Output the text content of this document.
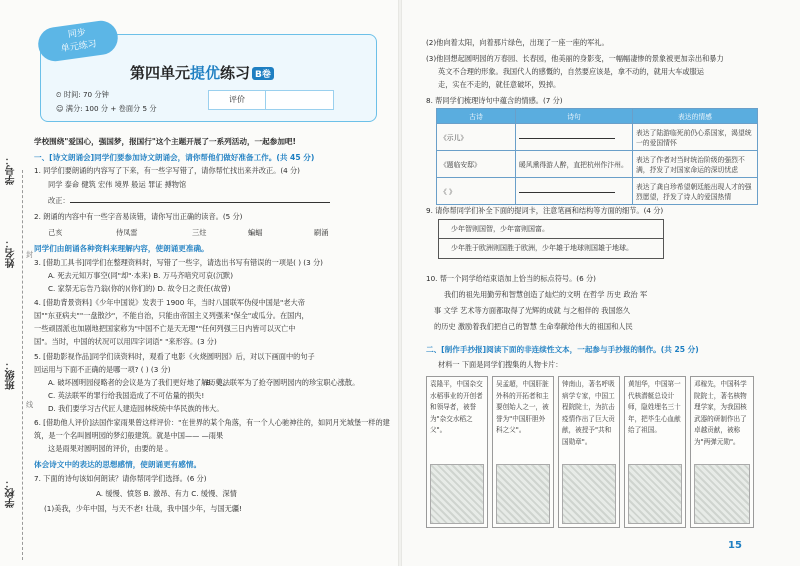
学号：
姓名：
班级：
学校：
封
线
同步
单元练习
第四单元提优练习 B卷
⏲ 时间: 70 分钟
☺ 满分: 100 分 + 卷面分 5 分
评价
学校围绕"爱国心，强国梦，报国行"这个主题开展了一系列活动，一起参加吧!
一、[诗文朗诵会]同学们要参加诗文朗诵会，请你帮他们做好准备工作。(共 45 分)
1. 同学们要朗诵的内容写了下来，有一些字写错了，请你帮忙找出来并改正。(4 分)
同学 泰命 健筑 宏伟 境界 般运 罪证 搏物馆
改正：
2. 朗诵的内容中有一些字音易读错，请你写出正确的读音。(5 分)
己亥	侍凤雷	三炷	蝙蝠	刷涌
同学们由朗诵各种资料来理解内容，使朗诵更准确。
3. [借助工具书]同学们在整理资料时，写错了一些字，请选出书写有错误的一项是( ) (3 分)
A. 死去元知万事空(同"却"·本来) B. 万马齐喑究可哀(沉默)
C. 家祭无忘告乃翁(你的)(你们的) D. 故令日之责任(故曾)
4. [借助背景资料]《少年中国说》发表于 1900 年，当时八国联军伪侵中国是"老大帝
国""东亚病夫""一盘散沙"，不能自治，只能由帝国主义列强来"保全"或瓜分。在国内，
一些顽固派也加剧地把国家称为"中国不亡是天无理""任何列强三日内皆可以灭亡中
国"。当时，中国的状况可以用四字词语" "来形容。(3 分)
5. [借助影视作品]同学们读资料时，观看了电影《火烧圆明园》后，对以下画面中的句子
回运用与下面不正确的是哪一项? ( ) (3 分)
A. 破坏圆明园侵略者的会议是为了我们更好地了解历史。
B. 英法联军为了抢夺圆明园内的珍宝职心涨散。
C. 英法联军的罪行给我国造成了不可估量的损失!
D. 我们要学习古代匠人建造园林统统中华民族的伟大。
6. [借助他人评价]法国作家雨果曾这样评价："在世界的某个角落，有一个人心驰神往的，如同月光城堡一样的建
筑，是一个名叫圆明园的梦幻般建筑。就是中国—— —雨果
这是雨果对圆明园的评价，由要的是 。
体会诗文中的表达的思想感情，使朗诵更有感情。
7. 下面的诗句该如何朗读？请你帮同学们选择。(6 分)
A. 缓慢、愤怒 B. 激昂、有力 C. 缓慢、深情
(1)美我，少年中国，与天不老! 壮哉，我中国少年，与国无疆!
(2)他向着太阳，向着那片绿色，出现了一座一座的军礼。
(3)他回想起圆明园的万春园、长春园，他美丽的身影变，一幅幅凄惨的景象被更加亲出和暴力
英文不合理的形象。我国代人的感慨的，自然要应该是，拿不动的，就用大车或服运
走，实在不走的，就任意破坏，毁掉。
8. 帮同学们梳理诗句中蕴含的情感。(7 分)
古诗	诗句	表达的情感
《示儿》		表达了陆游临死前仍心系国家，渴望统一的爱国情怀
《题临安邸》	暖风熏得游人醉，直把杭州作汴州。	表达了作者对当时统治阶级的强烈不满，抒发了对国家命运的深切忧虑
《 》		表达了龚自珍希望朝廷能出现人才的强烈愿望，抒发了诗人的爱国热情
9. 请你帮同学们补全下面的提词卡，注意笔画和结构等方面的细节。(4 分)
少年智则国智，少年富则国富。
少年胜于欧洲则国胜于欧洲，少年雄于地球则国雄于地球。
10. 帮一个同学给结束语加上恰当的标点符号。(6 分)
我们的祖先用勤劳和智慧创造了灿烂的文明 在哲学 历史 政治 军
事 文学 艺术等方面都取得了光辉的成就 与之相伴的 我国悠久
的历史 激励着我们把自己的智慧 生命奉献给伟大的祖国和人民
二、[制作手抄报]阅读下面的非连续性文本，一起参与手抄报的制作。(共 25 分)
材料一 下面是同学们搜集的人物卡片：
袁隆平，中国杂交水稻事业的开创者和领导者，被誉为"杂交水稻之父"。
吴孟超，中国肝脏外科的开拓者和主要创始人之一，被誉为"中国肝胆外科之父"。
钟南山，著名呼吸病学专家，中国工程院院士，为抗击疫情作出了巨大贡献，被授予"共和国勋章"。
黄旭华，中国第一代核潜艇总设计师，隐姓埋名三十年，把毕生心血献给了祖国。
邓稼先，中国科学院院士，著名核物理学家，为我国核武器的研制作出了卓越贡献，被称为"两弹元勋"。
15
